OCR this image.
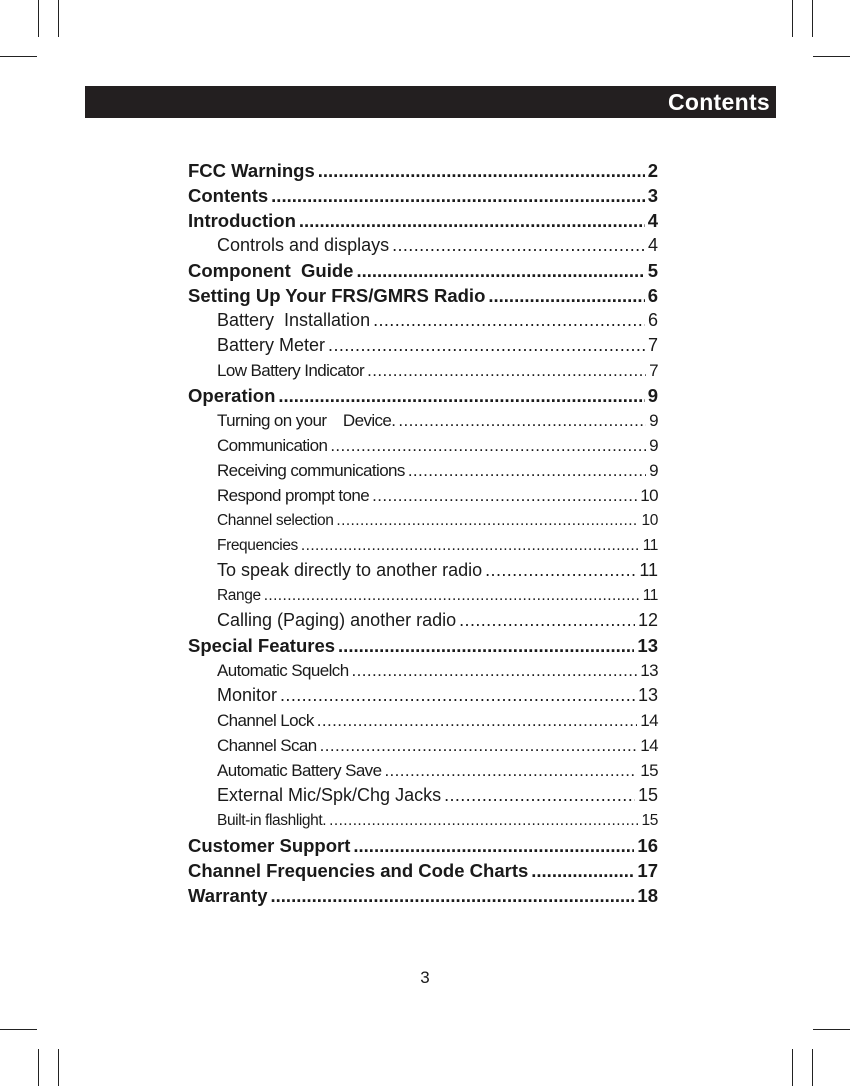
Contents
FCC Warnings .....	2
Contents .....	3
Introduction .....	4
Controls and displays .....	4
Component  Guide .....	5
Setting Up Your FRS/GMRS Radio .....	6
Battery  Installation .....	6
Battery Meter .....	7
Low Battery Indicator .....	7
Operation .....	9
Turning on your    Device. .....	9
Communication .....	9
Receiving communications .....	9
Respond prompt tone .....	10
Channel selection .....	10
Frequencies .....	11
To speak directly to another radio .....	11
Range .....	11
Calling (Paging) another radio .....	12
Special Features .....	13
Automatic Squelch .....	13
Monitor .....	13
Channel Lock .....	14
Channel Scan .....	14
Automatic Battery Save .....	15
External Mic/Spk/Chg Jacks .....	15
Built-in flashlight. .....	15
Customer Support .....	16
Channel Frequencies and Code Charts .....	17
Warranty .....	18
3
